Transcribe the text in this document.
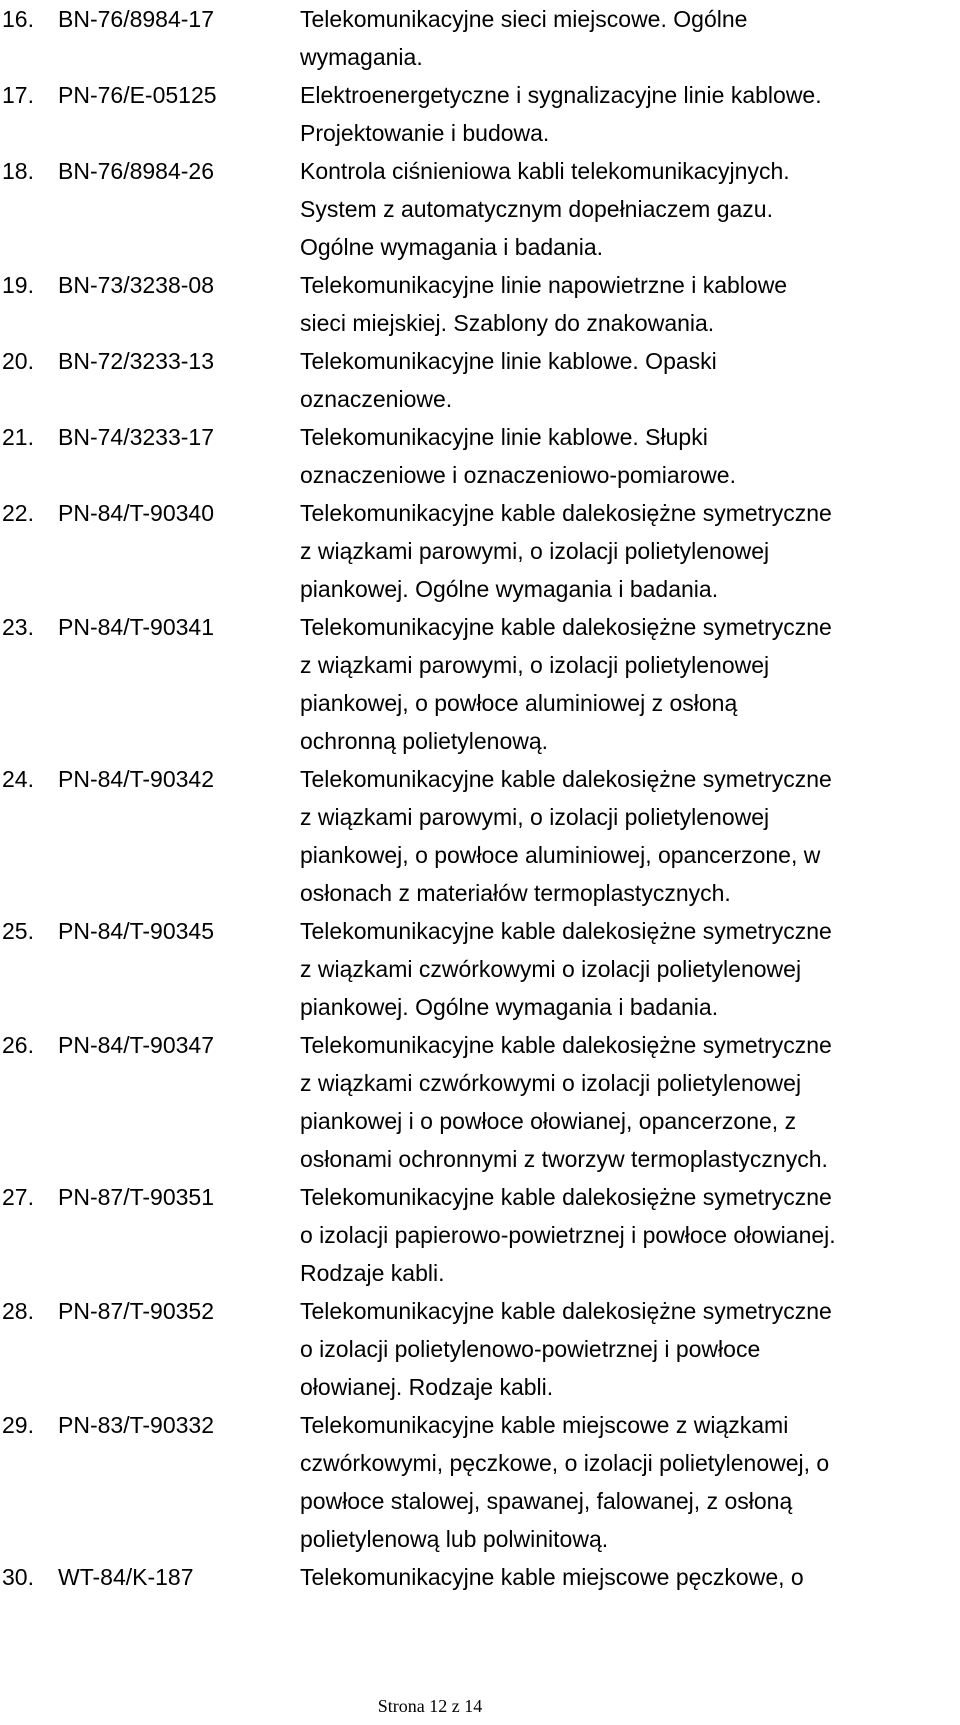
16.	BN-76/8984-17	Telekomunikacyjne sieci miejscowe. Ogólne
wymagania.
17.	PN-76/E-05125	Elektroenergetyczne i sygnalizacyjne linie kablowe.
Projektowanie i budowa.
18.	BN-76/8984-26	Kontrola ciśnieniowa kabli telekomunikacyjnych.
System z automatycznym dopełniaczem gazu.
Ogólne wymagania i badania.
19.	BN-73/3238-08	Telekomunikacyjne linie napowietrzne i kablowe
sieci miejskiej. Szablony do znakowania.
20.	BN-72/3233-13	Telekomunikacyjne linie kablowe. Opaski
oznaczeniowe.
21.	BN-74/3233-17	Telekomunikacyjne linie kablowe. Słupki
oznaczeniowe i oznaczeniowo-pomiarowe.
22.	PN-84/T-90340	Telekomunikacyjne kable dalekosiężne symetryczne
z wiązkami parowymi, o izolacji polietylenowej
piankowej. Ogólne wymagania i badania.
23.	PN-84/T-90341	Telekomunikacyjne kable dalekosiężne symetryczne
z wiązkami parowymi, o izolacji polietylenowej
piankowej, o powłoce aluminiowej z osłoną
ochronną polietylenową.
24.	PN-84/T-90342	Telekomunikacyjne kable dalekosiężne symetryczne
z wiązkami parowymi, o izolacji polietylenowej
piankowej, o powłoce aluminiowej, opancerzone, w
osłonach z materiałów termoplastycznych.
25.	PN-84/T-90345	Telekomunikacyjne kable dalekosiężne symetryczne
z wiązkami czwórkowymi o izolacji polietylenowej
piankowej. Ogólne wymagania i badania.
26.	PN-84/T-90347	Telekomunikacyjne kable dalekosiężne symetryczne
z wiązkami czwórkowymi o izolacji polietylenowej
piankowej i o powłoce ołowianej, opancerzone, z
osłonami ochronnymi z tworzyw termoplastycznych.
27.	PN-87/T-90351	Telekomunikacyjne kable dalekosiężne symetryczne
o izolacji papierowo-powietrznej i powłoce ołowianej.
Rodzaje kabli.
28.	PN-87/T-90352	Telekomunikacyjne kable dalekosiężne symetryczne
o izolacji polietylenowo-powietrznej i powłoce
ołowianej. Rodzaje kabli.
29.	PN-83/T-90332	Telekomunikacyjne kable miejscowe z wiązkami
czwórkowymi, pęczkowe, o izolacji polietylenowej, o
powłoce stalowej, spawanej, falowanej, z osłoną
polietylenową lub polwinitową.
30.	WT-84/K-187	Telekomunikacyjne kable miejscowe pęczkowe, o
Strona 12 z 14
